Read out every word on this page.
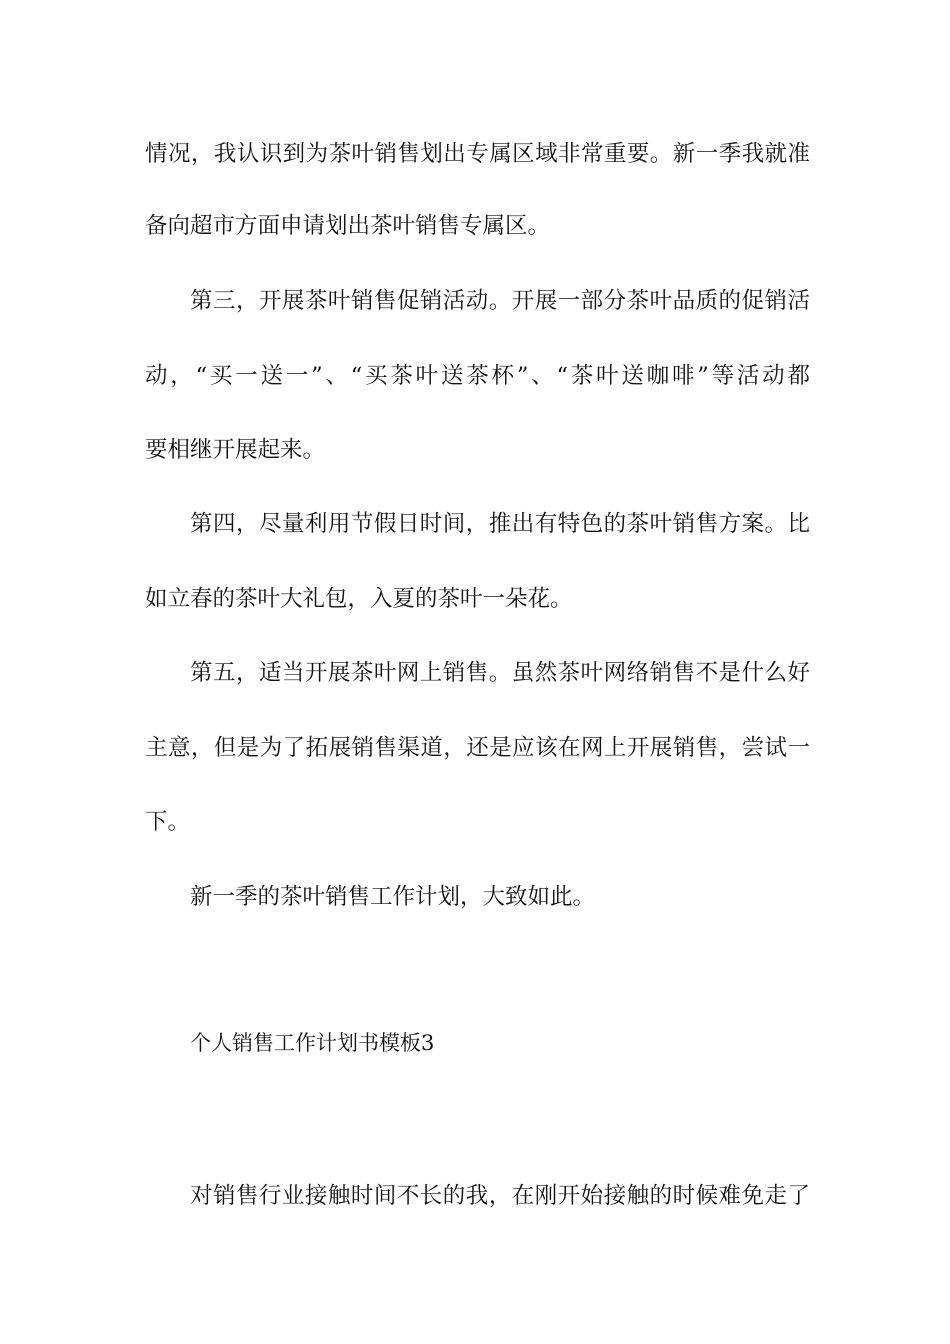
情况，我认识到为茶叶销售划出专属区域非常重要。新一季我就准
备向超市方面申请划出茶叶销售专属区。
第三，开展茶叶销售促销活动。开展一部分茶叶品质的促销活
动，“买一送一”、“买茶叶送茶杯”、“茶叶送咖啡”等活动都
要相继开展起来。
第四，尽量利用节假日时间，推出有特色的茶叶销售方案。比
如立春的茶叶大礼包，入夏的茶叶一朵花。
第五，适当开展茶叶网上销售。虽然茶叶网络销售不是什么好
主意，但是为了拓展销售渠道，还是应该在网上开展销售，尝试一
下。
新一季的茶叶销售工作计划，大致如此。
个人销售工作计划书模板3
对销售行业接触时间不长的我，在刚开始接触的时候难免走了
